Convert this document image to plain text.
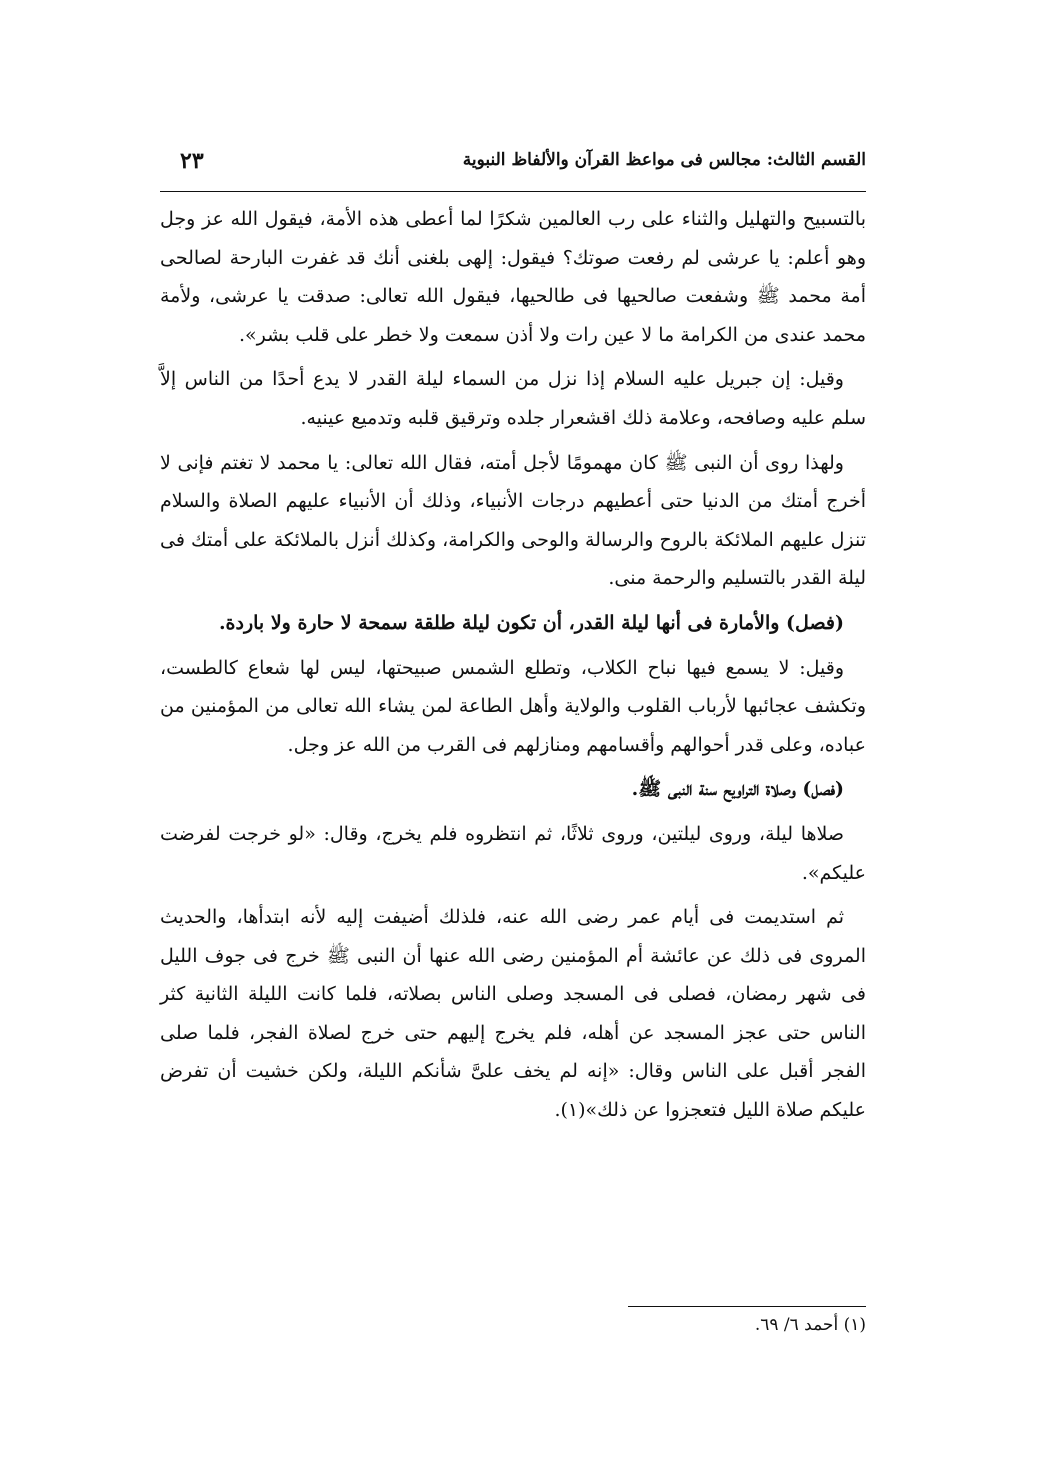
القسم الثالث: مجالس فى مواعظ القرآن والألفاظ النبوية
٢٣

بالتسبيح والتهليل والثناء على رب العالمين شكرًا لما أعطى هذه الأمة، فيقول الله عز وجل وهو أعلم: يا عرشى لم رفعت صوتك؟ فيقول: إلهى بلغنى أنك قد غفرت البارحة لصالحى أمة محمد ﷺ وشفعت صالحيها فى طالحيها، فيقول الله تعالى: صدقت يا عرشى، ولأمة محمد عندى من الكرامة ما لا عين رات ولا أذن سمعت ولا خطر على قلب بشر».

وقيل: إن جبريل عليه السلام إذا نزل من السماء ليلة القدر لا يدع أحدًا من الناس إلاَّ سلم عليه وصافحه، وعلامة ذلك اقشعرار جلده وترقيق قلبه وتدميع عينيه.

ولهذا روى أن النبى ﷺ كان مهمومًا لأجل أمته، فقال الله تعالى: يا محمد لا تغتم فإنى لا أخرج أمتك من الدنيا حتى أعطيهم درجات الأنبياء، وذلك أن الأنبياء عليهم الصلاة والسلام تنزل عليهم الملائكة بالروح والرسالة والوحى والكرامة، وكذلك أنزل بالملائكة على أمتك فى ليلة القدر بالتسليم والرحمة منى.

(فصل) والأمارة فى أنها ليلة القدر، أن تكون ليلة طلقة سمحة لا حارة ولا باردة.

وقيل: لا يسمع فيها نباح الكلاب، وتطلع الشمس صبيحتها، ليس لها شعاع كالطست، وتكشف عجائبها لأرباب القلوب والولاية وأهل الطاعة لمن يشاء الله تعالى من المؤمنين من عباده، وعلى قدر أحوالهم وأقسامهم ومنازلهم فى القرب من الله عز وجل.

(فصل) وصلاة التراويح سنة النبى ﷺ.

صلاها ليلة، وروى ليلتين، وروى ثلاثًا، ثم انتظروه فلم يخرج، وقال: «لو خرجت لفرضت عليكم».

ثم استديمت فى أيام عمر رضى الله عنه، فلذلك أضيفت إليه لأنه ابتدأها، والحديث المروى فى ذلك عن عائشة أم المؤمنين رضى الله عنها أن النبى ﷺ خرج فى جوف الليل فى شهر رمضان، فصلى فى المسجد وصلى الناس بصلاته، فلما كانت الليلة الثانية كثر الناس حتى عجز المسجد عن أهله، فلم يخرج إليهم حتى خرج لصلاة الفجر، فلما صلى الفجر أقبل على الناس وقال: «إنه لم يخف علىَّ شأنكم الليلة، ولكن خشيت أن تفرض عليكم صلاة الليل فتعجزوا عن ذلك»(١).

(١) أحمد ٦/ ٦٩.
